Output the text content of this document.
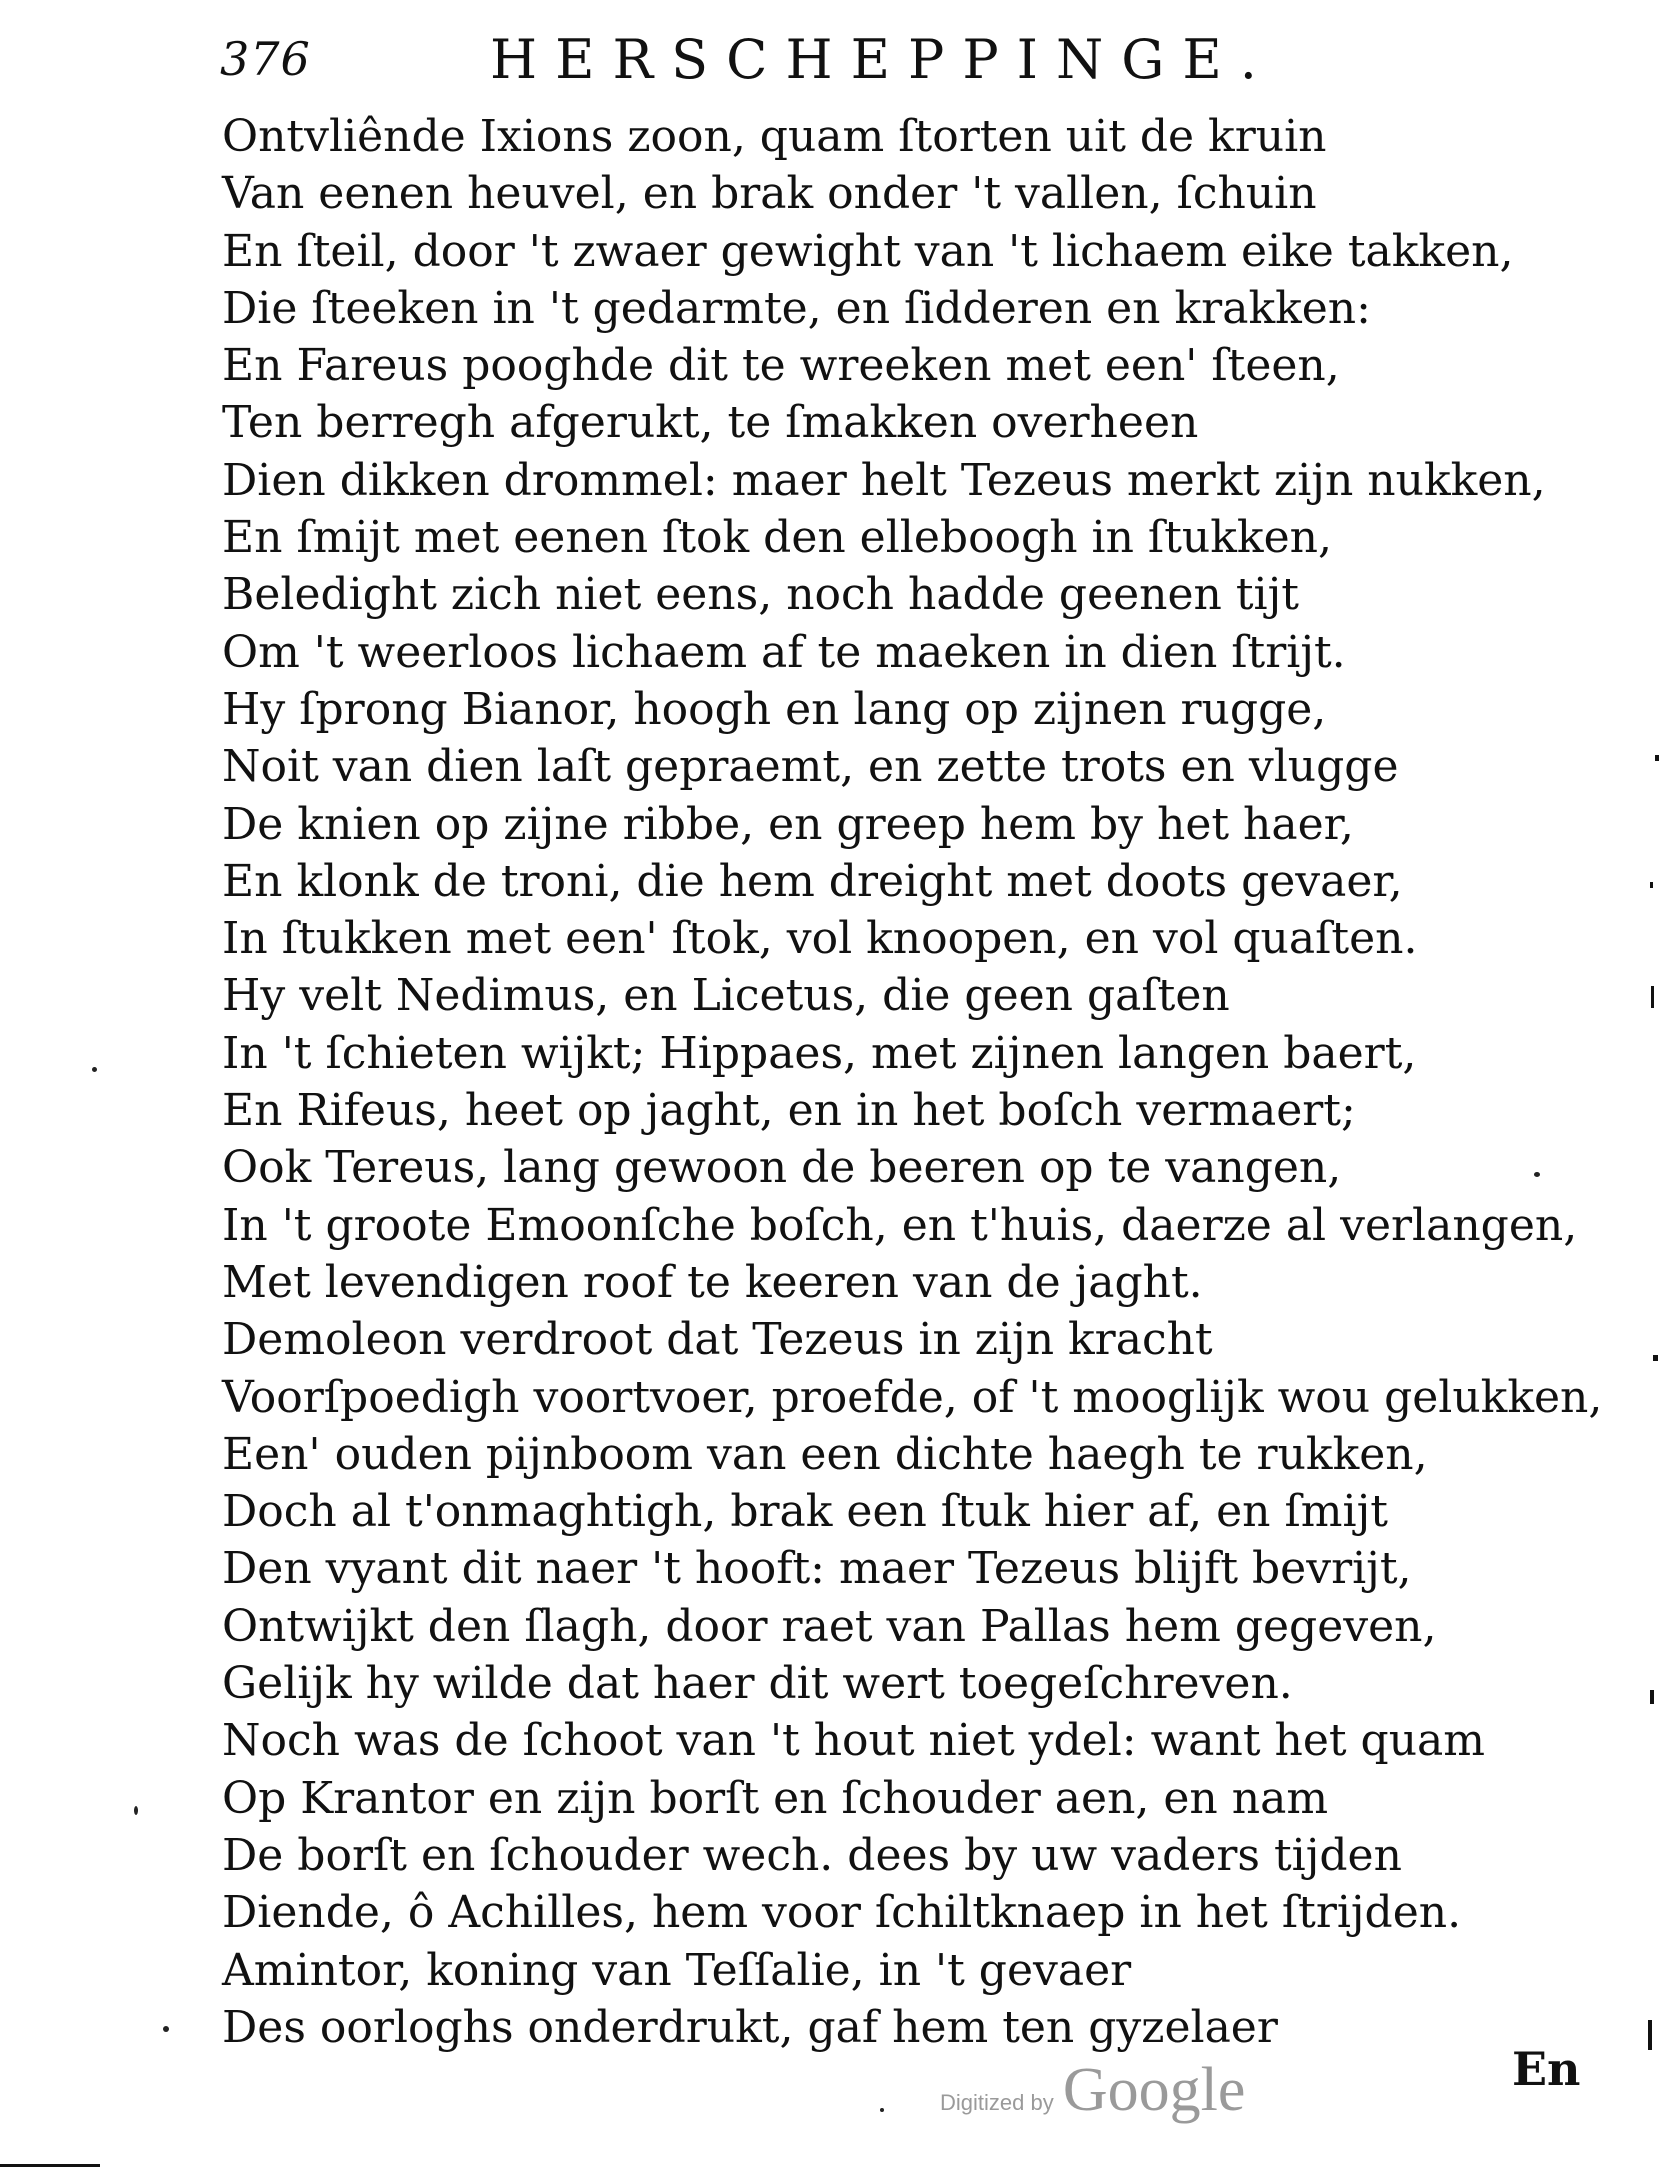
376	HERSCHEPPINGE.
Ontvliênde Ixions zoon, quam ſtorten uit de kruin
Van eenen heuvel, en brak onder 't vallen, ſchuin
En ſteil, door 't zwaer gewight van 't lichaem eike takken,
Die ſteeken in 't gedarmte, en ſidderen en krakken:
En Fareus pooghde dit te wreeken met een' ſteen,
Ten berregh afgerukt, te ſmakken overheen
Dien dikken drommel: maer helt Tezeus merkt zijn nukken,
En ſmijt met eenen ſtok den elleboogh in ſtukken,
Beledight zich niet eens, noch hadde geenen tijt
Om 't weerloos lichaem af te maeken in dien ſtrijt.
Hy ſprong Bianor, hoogh en lang op zijnen rugge,
Noit van dien laſt gepraemt, en zette trots en vlugge
De knien op zijne ribbe, en greep hem by het haer,
En klonk de troni, die hem dreight met doots gevaer,
In ſtukken met een' ſtok, vol knoopen, en vol quaſten.
Hy velt Nedimus, en Licetus, die geen gaſten
In 't ſchieten wijkt; Hippaes, met zijnen langen baert,
En Rifeus, heet op jaght, en in het boſch vermaert;
Ook Tereus, lang gewoon de beeren op te vangen,
In 't groote Emoonſche boſch, en t'huis, daerze al verlangen,
Met levendigen roof te keeren van de jaght.
Demoleon verdroot dat Tezeus in zijn kracht
Voorſpoedigh voortvoer, proefde, of 't mooglijk wou gelukken,
Een' ouden pijnboom van een dichte haegh te rukken,
Doch al t'onmaghtigh, brak een ſtuk hier af, en ſmijt
Den vyant dit naer 't hooft: maer Tezeus blijft bevrijt,
Ontwijkt den ſlagh, door raet van Pallas hem gegeven,
Gelijk hy wilde dat haer dit wert toegeſchreven.
Noch was de ſchoot van 't hout niet ydel: want het quam
Op Krantor en zijn borſt en ſchouder aen, en nam
De borſt en ſchouder wech. dees by uw vaders tijden
Diende, ô Achilles, hem voor ſchiltknaep in het ſtrijden.
Amintor, koning van Teſſalie, in 't gevaer
Des oorloghs onderdrukt, gaf hem ten gyzelaer
En
Digitized by Google
